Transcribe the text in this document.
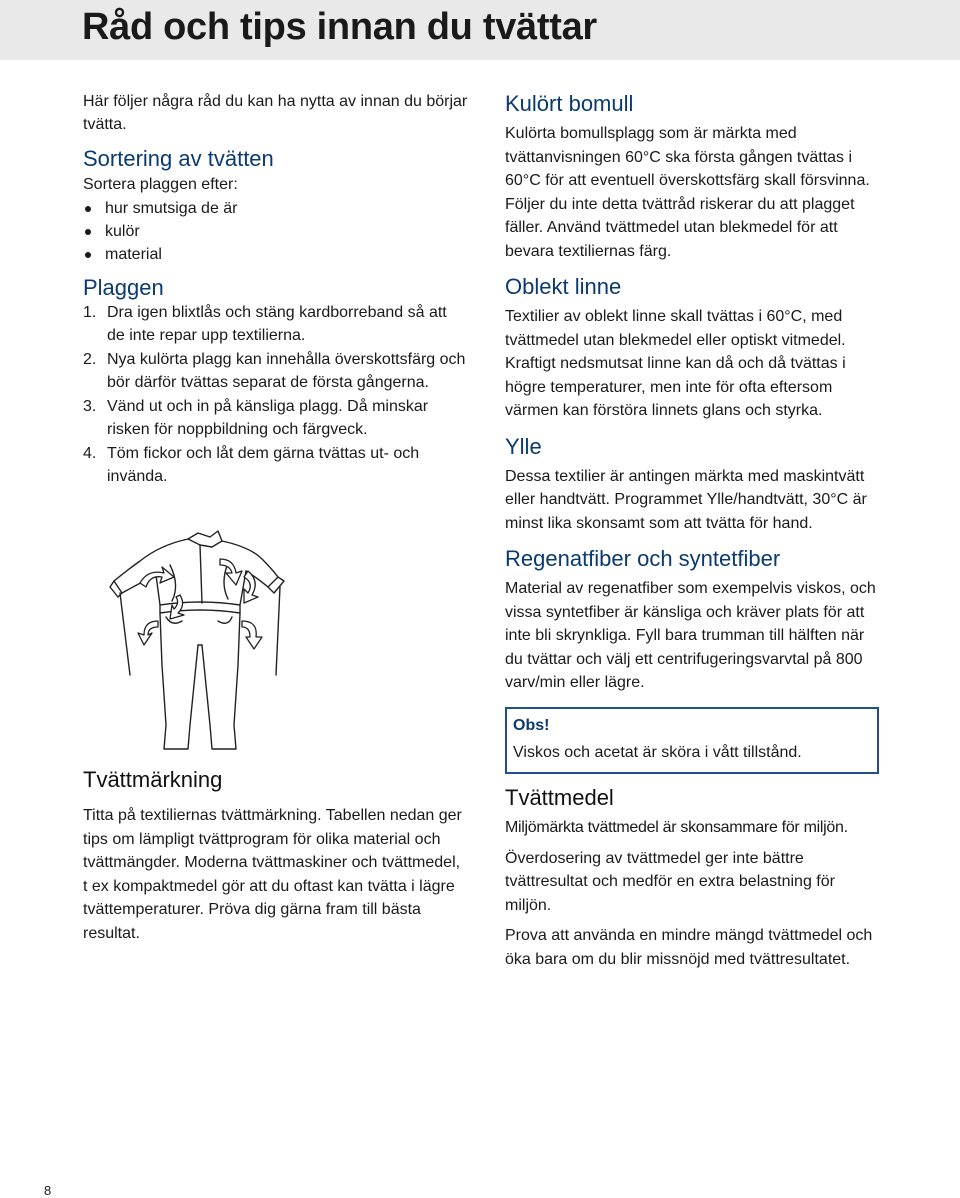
Råd och tips innan du tvättar

Här följer några råd du kan ha nytta av innan du börjar tvätta.

Sortering av tvätten

Sortera plaggen efter:

hur smutsiga de är
kulör
material
Plaggen
1. Dra igen blixtlås och stäng kardborreband så att de inte repar upp textilierna.
2. Nya kulörta plagg kan innehålla överskottsfärg och bör därför tvättas separat de första gångerna.
3. Vänd ut och in på känsliga plagg. Då minskar risken för noppbildning och färgveck.
4. Töm fickor och låt dem gärna tvättas ut- och invända.
Tvättmärkning

Titta på textiliernas tvättmärkning. Tabellen nedan ger tips om lämpligt tvättprogram för olika material och tvättmängder. Moderna tvättmaskiner och tvättmedel, t ex kompaktmedel gör att du oftast kan tvätta i lägre tvättemperaturer. Pröva dig gärna fram till bästa resultat.

Kulört bomull

Kulörta bomullsplagg som är märkta med tvättanvisningen 60°C ska första gången tvättas i 60°C för att eventuell överskottsfärg skall försvinna. Följer du inte detta tvättråd riskerar du att plagget fäller. Använd tvättmedel utan blekmedel för att bevara textiliernas färg.

Oblekt linne

Textilier av oblekt linne skall tvättas i 60°C, med tvättmedel utan blekmedel eller optiskt vitmedel. Kraftigt nedsmutsat linne kan då och då tvättas i högre temperaturer, men inte för ofta eftersom värmen kan förstöra linnets glans och styrka.

Ylle

Dessa textilier är antingen märkta med maskintvätt eller handtvätt. Programmet Ylle/handtvätt, 30°C är minst lika skonsamt som att tvätta för hand.

Regenatfiber och syntetfiber

Material av regenatfiber som exempelvis viskos, och vissa syntetfiber är känsliga och kräver plats för att inte bli skrynkliga. Fyll bara trumman till hälften när du tvättar och välj ett centrifugeringsvarvtal på 800 varv/min eller lägre.

Obs!

Viskos och acetat är sköra i vått tillstånd.

Tvättmedel

Miljömärkta tvättmedel är skonsammare för miljön.

Överdosering av tvättmedel ger inte bättre tvättresultat och medför en extra belastning för miljön.

Prova att använda en mindre mängd tvättmedel och öka bara om du blir missnöjd med tvättresultatet.

8
